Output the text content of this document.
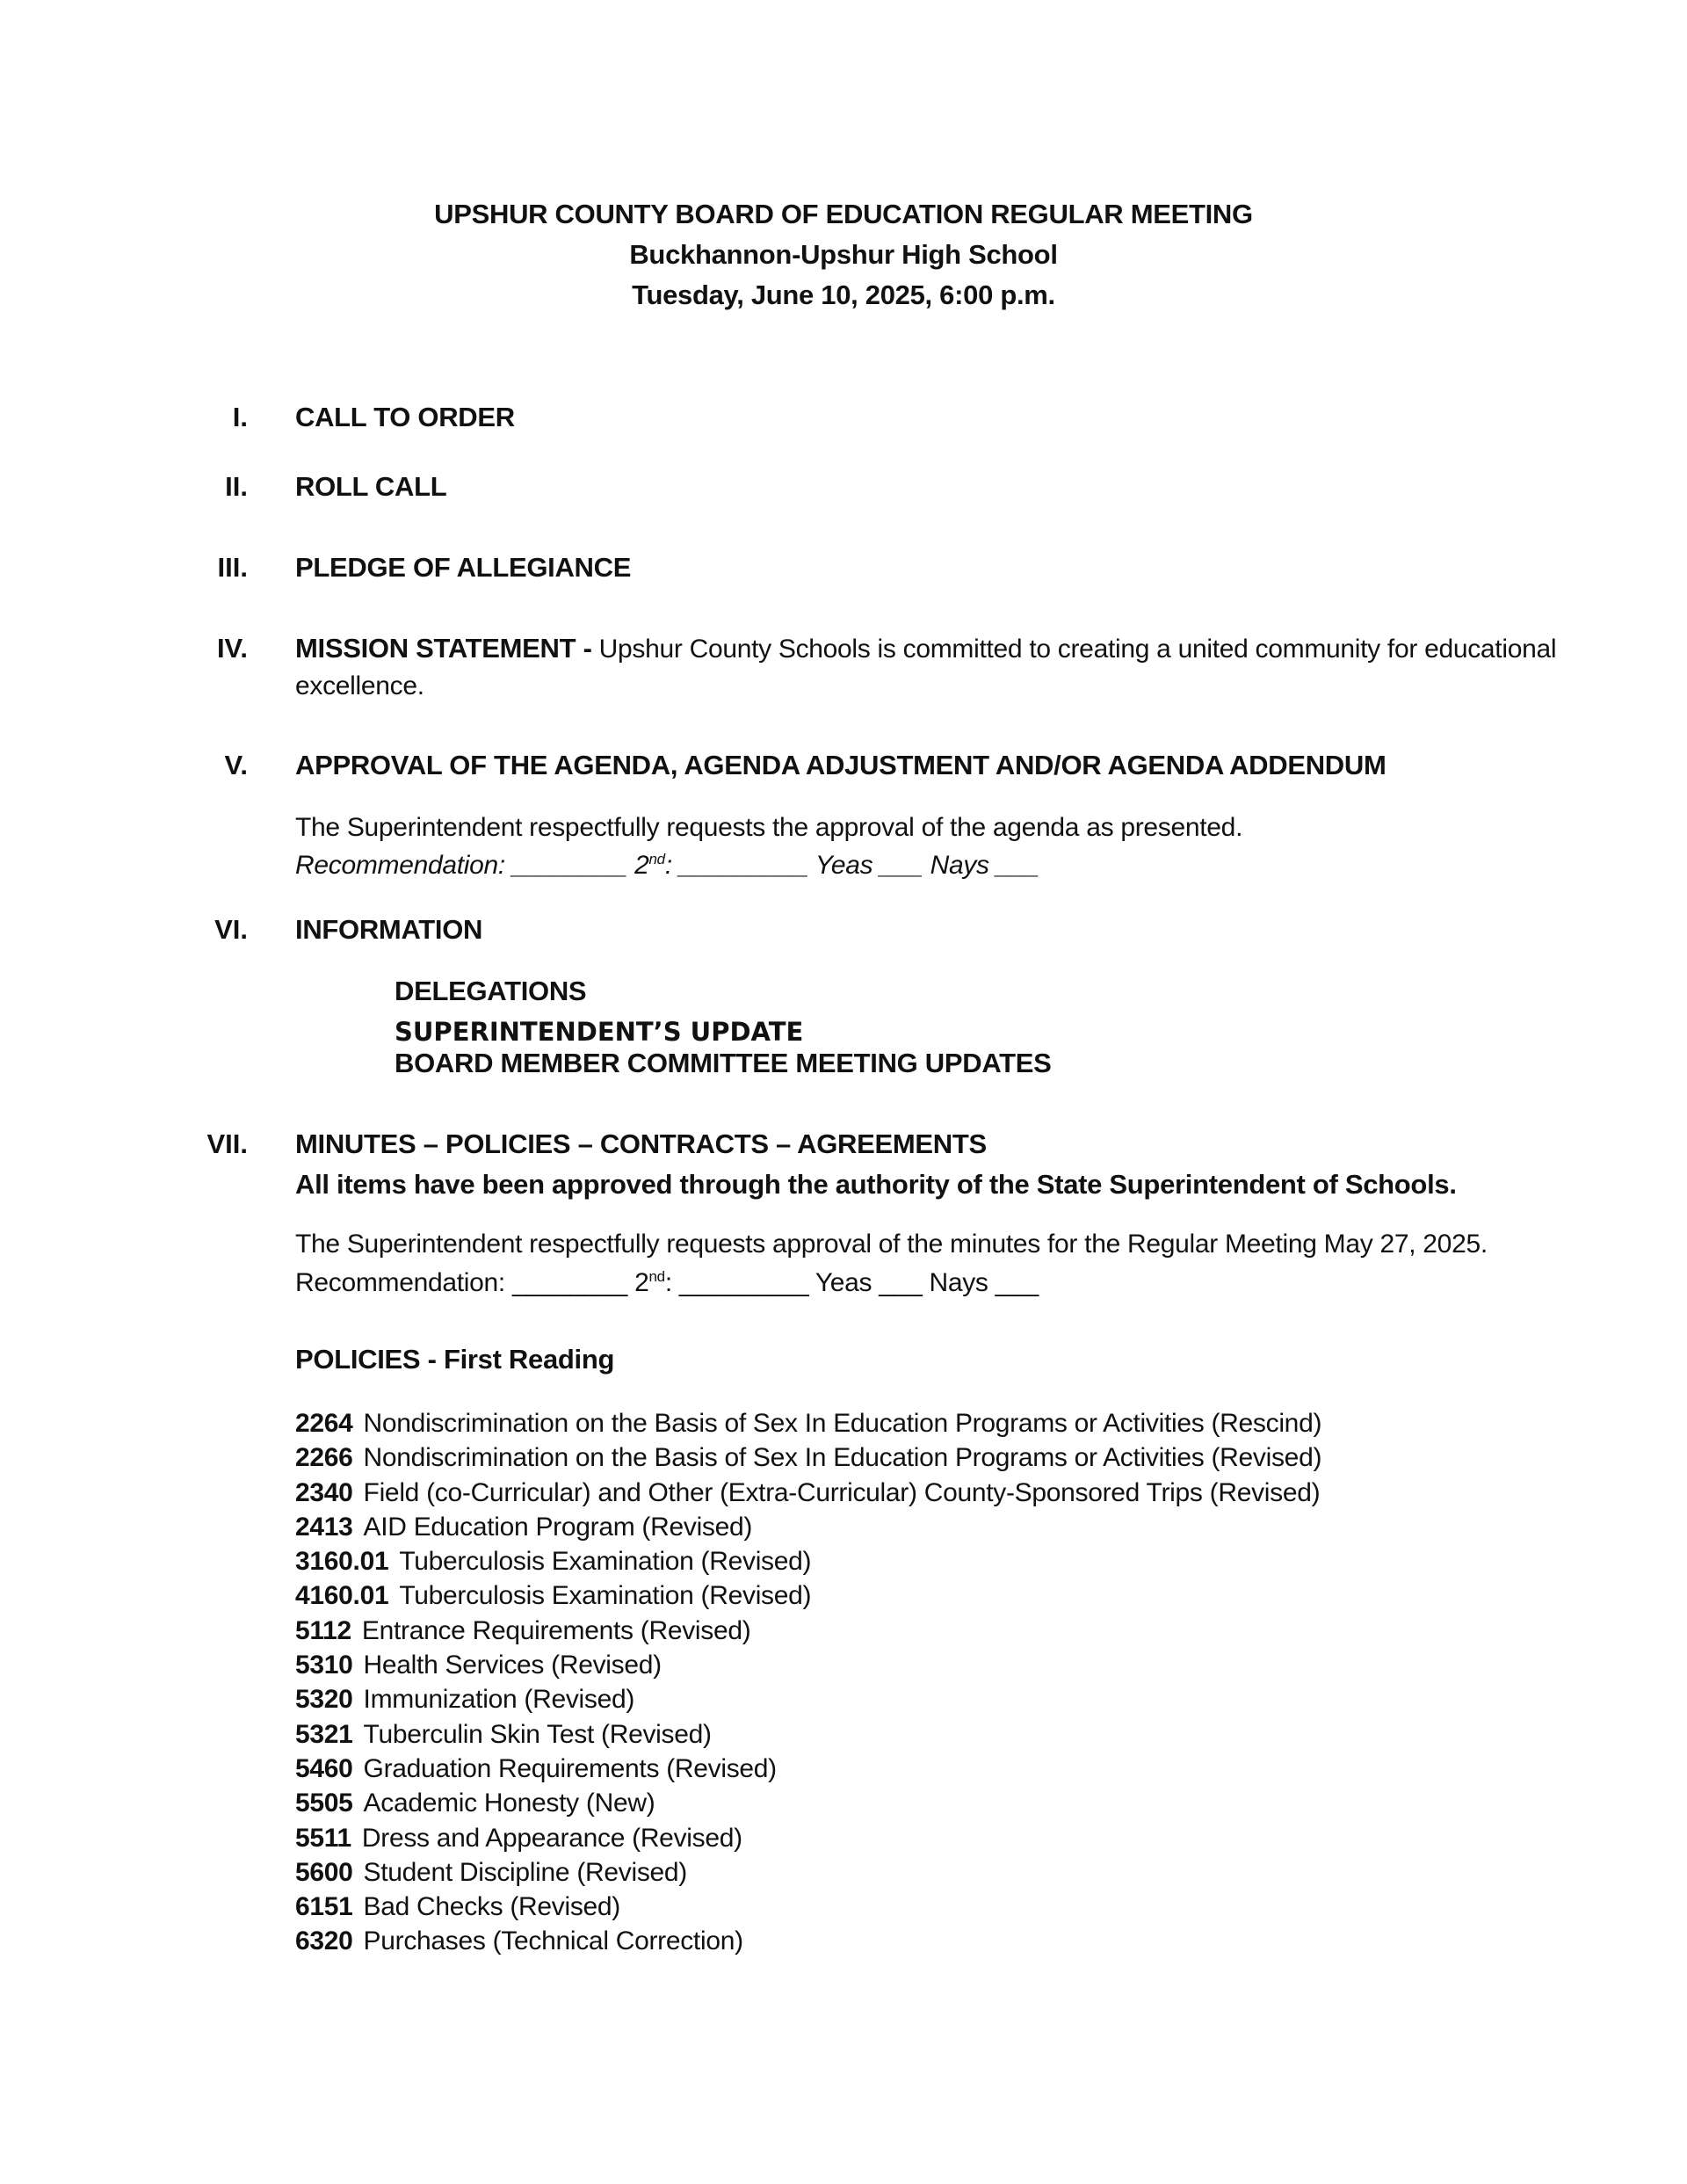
UPSHUR COUNTY BOARD OF EDUCATION REGULAR MEETING
Buckhannon-Upshur High School
Tuesday, June 10, 2025, 6:00 p.m.
I. CALL TO ORDER
II. ROLL CALL
III. PLEDGE OF ALLEGIANCE
IV. MISSION STATEMENT - Upshur County Schools is committed to creating a united community for educational
excellence.
V. APPROVAL OF THE AGENDA, AGENDA ADJUSTMENT AND/OR AGENDA ADDENDUM
The Superintendent respectfully requests the approval of the agenda as presented.
Recommendation: ________ 2nd: _________ Yeas ___ Nays ___
VI. INFORMATION
DELEGATIONS
SUPERINTENDENT’S UPDATE
BOARD MEMBER COMMITTEE MEETING UPDATES
VII. MINUTES – POLICIES – CONTRACTS – AGREEMENTS
All items have been approved through the authority of the State Superintendent of Schools.
The Superintendent respectfully requests approval of the minutes for the Regular Meeting May 27, 2025.
Recommendation: ________ 2nd: _________ Yeas ___ Nays ___
POLICIES - First Reading
2264 Nondiscrimination on the Basis of Sex In Education Programs or Activities (Rescind)
2266 Nondiscrimination on the Basis of Sex In Education Programs or Activities (Revised)
2340 Field (co-Curricular) and Other (Extra-Curricular) County-Sponsored Trips (Revised)
2413 AID Education Program (Revised)
3160.01 Tuberculosis Examination (Revised)
4160.01 Tuberculosis Examination (Revised)
5112 Entrance Requirements (Revised)
5310 Health Services (Revised)
5320 Immunization (Revised)
5321 Tuberculin Skin Test (Revised)
5460 Graduation Requirements (Revised)
5505 Academic Honesty (New)
5511 Dress and Appearance (Revised)
5600 Student Discipline (Revised)
6151 Bad Checks (Revised)
6320 Purchases (Technical Correction)
